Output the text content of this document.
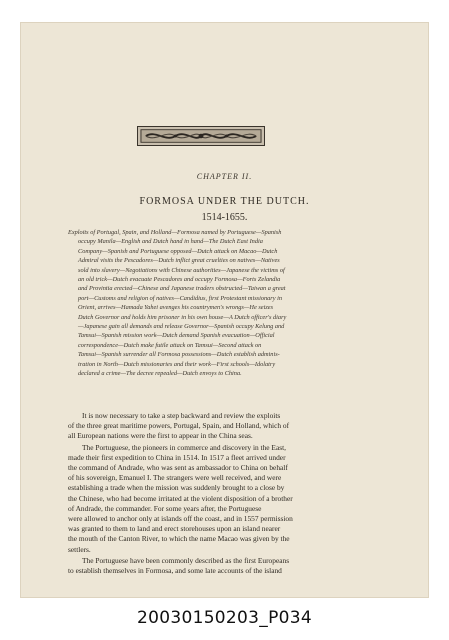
CHAPTER II.
FORMOSA UNDER THE DUTCH.
1514-1655.
Exploits of Portugal, Spain, and Holland—Formosa named by Portuguese—Spanish
occupy Manila—English and Dutch hand in hand—The Dutch East India
Company—Spanish and Portuguese opposed—Dutch attack on Macao—Dutch
Admiral visits the Pescadores—Dutch inflict great cruelties on natives—Natives
sold into slavery—Negotiations with Chinese authorities—Japanese the victims of
an old trick—Dutch evacuate Pescadores and occupy Formosa—Forts Zelandia
and Provintia erected—Chinese and Japanese traders obstructed—Taiwan a great
port—Customs and religion of natives—Candidius, first Protestant missionary in
Orient, arrives—Hamada Yahei avenges his countrymen's wrongs—He seizes
Dutch Governor and holds him prisoner in his own house—A Dutch officer's diary
—Japanese gain all demands and release Governor—Spanish occupy Kelung and
Tamsui—Spanish mission work—Dutch demand Spanish evacuation—Official
correspondence—Dutch make futile attack on Tamsui—Second attack on
Tamsui—Spanish surrender all Formosa possessions—Dutch establish adminis-
tration in North—Dutch missionaries and their work—First schools—Idolatry
declared a crime—The decree repealed—Dutch envoys to China.

It is now necessary to take a step backward and review the exploits
of the three great maritime powers, Portugal, Spain, and Holland, which of
all European nations were the first to appear in the China seas.

The Portuguese, the pioneers in commerce and discovery in the East,
made their first expedition to China in 1514. In 1517 a fleet arrived under
the command of Andrade, who was sent as ambassador to China on behalf
of his sovereign, Emanuel I. The strangers were well received, and were
establishing a trade when the mission was suddenly brought to a close by
the Chinese, who had become irritated at the violent disposition of a brother
of Andrade, the commander. For some years after, the Portuguese
were allowed to anchor only at islands off the coast, and in 1557 permission
was granted to them to land and erect storehouses upon an island nearer
the mouth of the Canton River, to which the name Macao was given by the
settlers.

The Portuguese have been commonly described as the first Europeans
to establish themselves in Formosa, and some late accounts of the island

20030150203_P034
